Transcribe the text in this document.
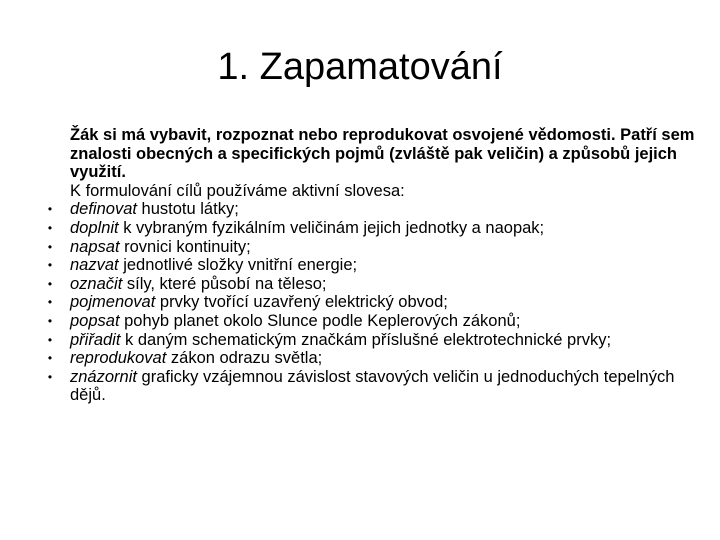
1. Zapamatování

Žák si má vybavit, rozpoznat nebo reprodukovat osvojené vědomosti. Patří sem znalosti obecných a specifických pojmů (zvláště pak veličin) a způsobů jejich využití.

K formulování cílů používáme aktivní slovesa:

• definovat hustotu látky;
• doplnit k vybraným fyzikálním veličinám jejich jednotky a naopak;
• napsat rovnici kontinuity;
• nazvat jednotlivé složky vnitřní energie;
• označit síly, které působí na těleso;
• pojmenovat prvky tvořící uzavřený elektrický obvod;
• popsat pohyb planet okolo Slunce podle Keplerových zákonů;
• přiřadit k daným schematickým značkám příslušné elektrotechnické prvky;
• reprodukovat zákon odrazu světla;
• znázornit graficky vzájemnou závislost stavových veličin u jednoduchých tepelných dějů.
